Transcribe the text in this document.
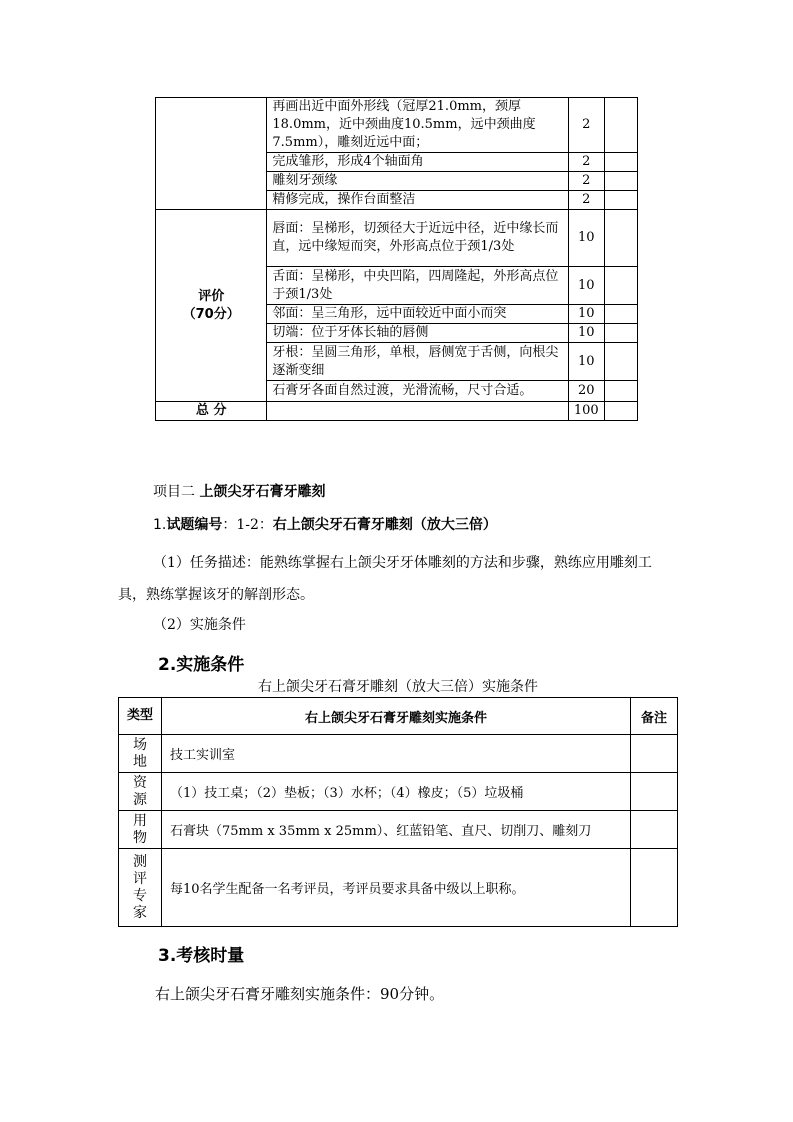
	再画出近中面外形线（冠厚21.0mm，颈厚18.0mm，近中颈曲度10.5mm，远中颈曲度7.5mm），雕刻近远中面；	2	
	完成雏形，形成4个轴面角	2	
	雕刻牙颈缘	2	
	精修完成，操作台面整洁	2	

评价
（70分）	唇面：呈梯形，切颈径大于近远中径，近中缘长而直，远中缘短而突，外形高点位于颈1/3处	10	
	舌面：呈梯形，中央凹陷，四周隆起，外形高点位于颈1/3处	10	
	邻面：呈三角形，远中面较近中面小而突	10	
	切端：位于牙体长轴的唇侧	10	
	牙根：呈圆三角形，单根，唇侧宽于舌侧，向根尖逐渐变细	10	
	石膏牙各面自然过渡，光滑流畅，尺寸合适。	20	
总 分		100	
项目二 上颌尖牙石膏牙雕刻
1.试题编号：1-2：右上颌尖牙石膏牙雕刻（放大三倍）
（1）任务描述：能熟练掌握右上颌尖牙牙体雕刻的方法和步骤，熟练应用雕刻工具，熟练掌握该牙的解剖形态。
（2）实施条件
2.实施条件
右上颌尖牙石膏牙雕刻（放大三倍）实施条件
类型	右上颌尖牙石膏牙雕刻实施条件	备注

场地	技工实训室	

资源	（1）技工桌；（2）垫板；（3）水杯；（4）橡皮；（5）垃圾桶	

用物	石膏块（75mm x 35mm x 25mm）、红蓝铅笔、直尺、切削刀、雕刻刀	

测评专家	每10名学生配备一名考评员，考评员要求具备中级以上职称。	
3.考核时量
右上颌尖牙石膏牙雕刻实施条件：90分钟。
